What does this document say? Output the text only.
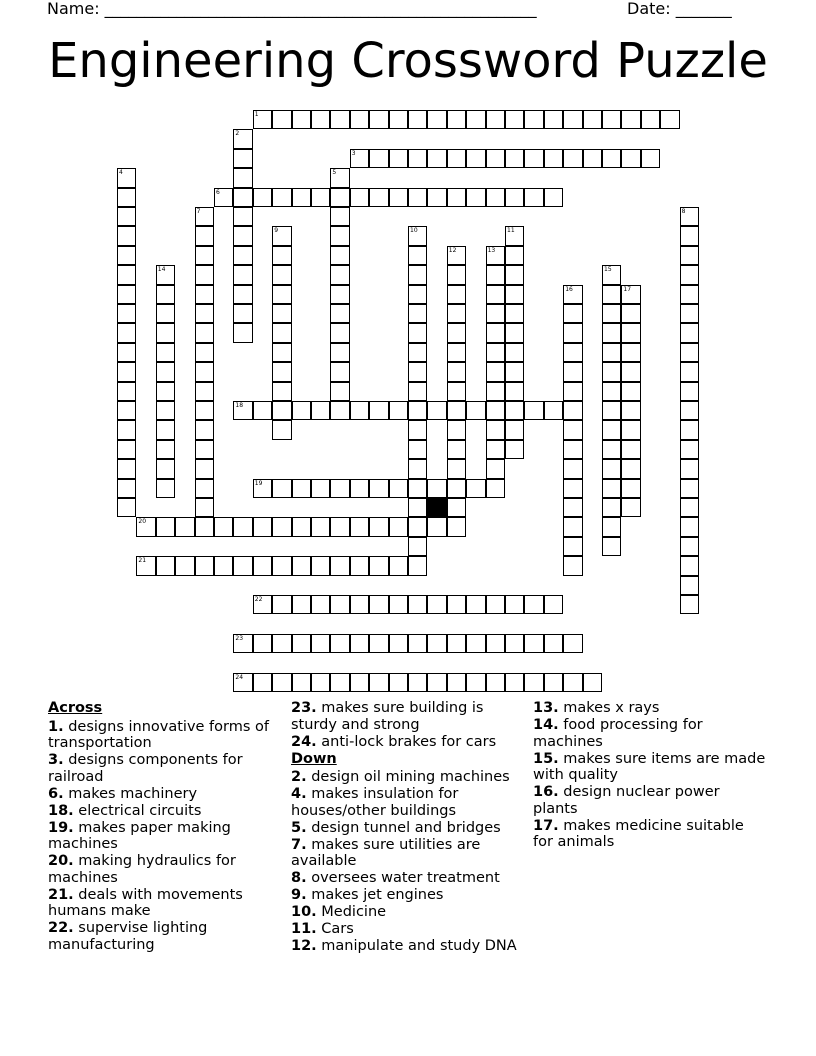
Name: ______________________________________________________	Date: _______
Engineering Crossword Puzzle
1
2
3
4	5
6
7	8
9	10	11
12	13
14	15
16	17
18
19
20
21
22
23
24
Across
1. designs innovative forms of transportation
3. designs components for railroad
6. makes machinery
18. electrical circuits
19. makes paper making machines
20. making hydraulics for machines
21. deals with movements humans make
22. supervise lighting manufacturing
23. makes sure building is sturdy and strong
24. anti-lock brakes for cars
Down
2. design oil mining machines
4. makes insulation for houses/other buildings
5. design tunnel and bridges
7. makes sure utilities are available
8. oversees water treatment
9. makes jet engines
10. Medicine
11. Cars
12. manipulate and study DNA
13. makes x rays
14. food processing for machines
15. makes sure items are made with quality
16. design nuclear power plants
17. makes medicine suitable for animals
